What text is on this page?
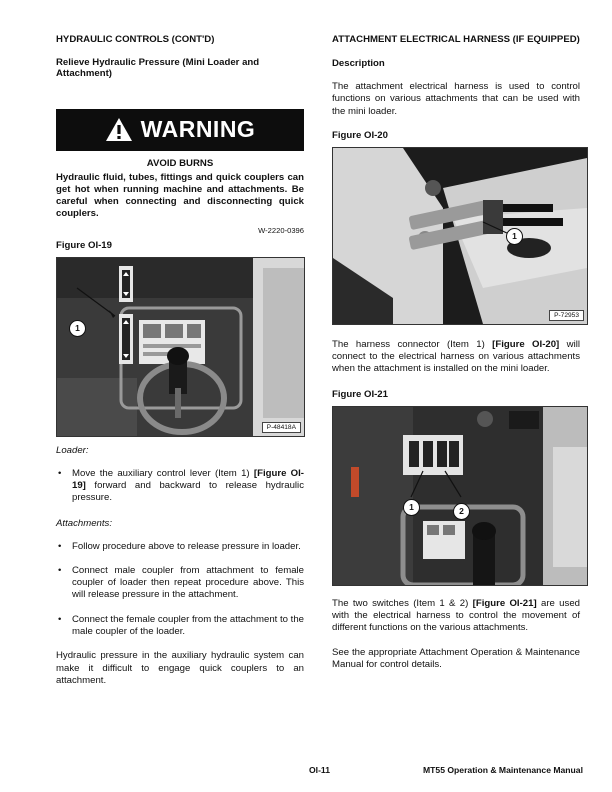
HYDRAULIC CONTROLS (CONT'D)

Relieve Hydraulic Pressure (Mini Loader and Attachment)

WARNING
AVOID BURNS
Hydraulic fluid, tubes, fittings and quick couplers can get hot when running machine and attachments. Be careful when connecting and disconnecting quick couplers.
W-2220-0396
Figure OI-19
1
P-48418A

Loader:

• Move the auxiliary control lever (Item 1) [Figure OI-19] forward and backward to release hydraulic pressure.

Attachments:

• Follow procedure above to release pressure in loader.
• Connect male coupler from attachment to female coupler of loader then repeat procedure above. This will release pressure in the attachment.
• Connect the female coupler from the attachment to the male coupler of the loader.

Hydraulic pressure in the auxiliary hydraulic system can make it difficult to engage quick couplers to an attachment.

ATTACHMENT ELECTRICAL HARNESS (IF EQUIPPED)

Description

The attachment electrical harness is used to control functions on various attachments that can be used with the mini loader.

Figure OI-20
1
P-72953

The harness connector (Item 1) [Figure OI-20] will connect to the electrical harness on various attachments when the attachment is installed on the mini loader.

Figure OI-21
1	2

The two switches (Item 1 & 2) [Figure OI-21] are used with the electrical harness to control the movement of different functions on the various attachments.

See the appropriate Attachment Operation & Maintenance Manual for control details.

OI-11	MT55 Operation & Maintenance Manual
